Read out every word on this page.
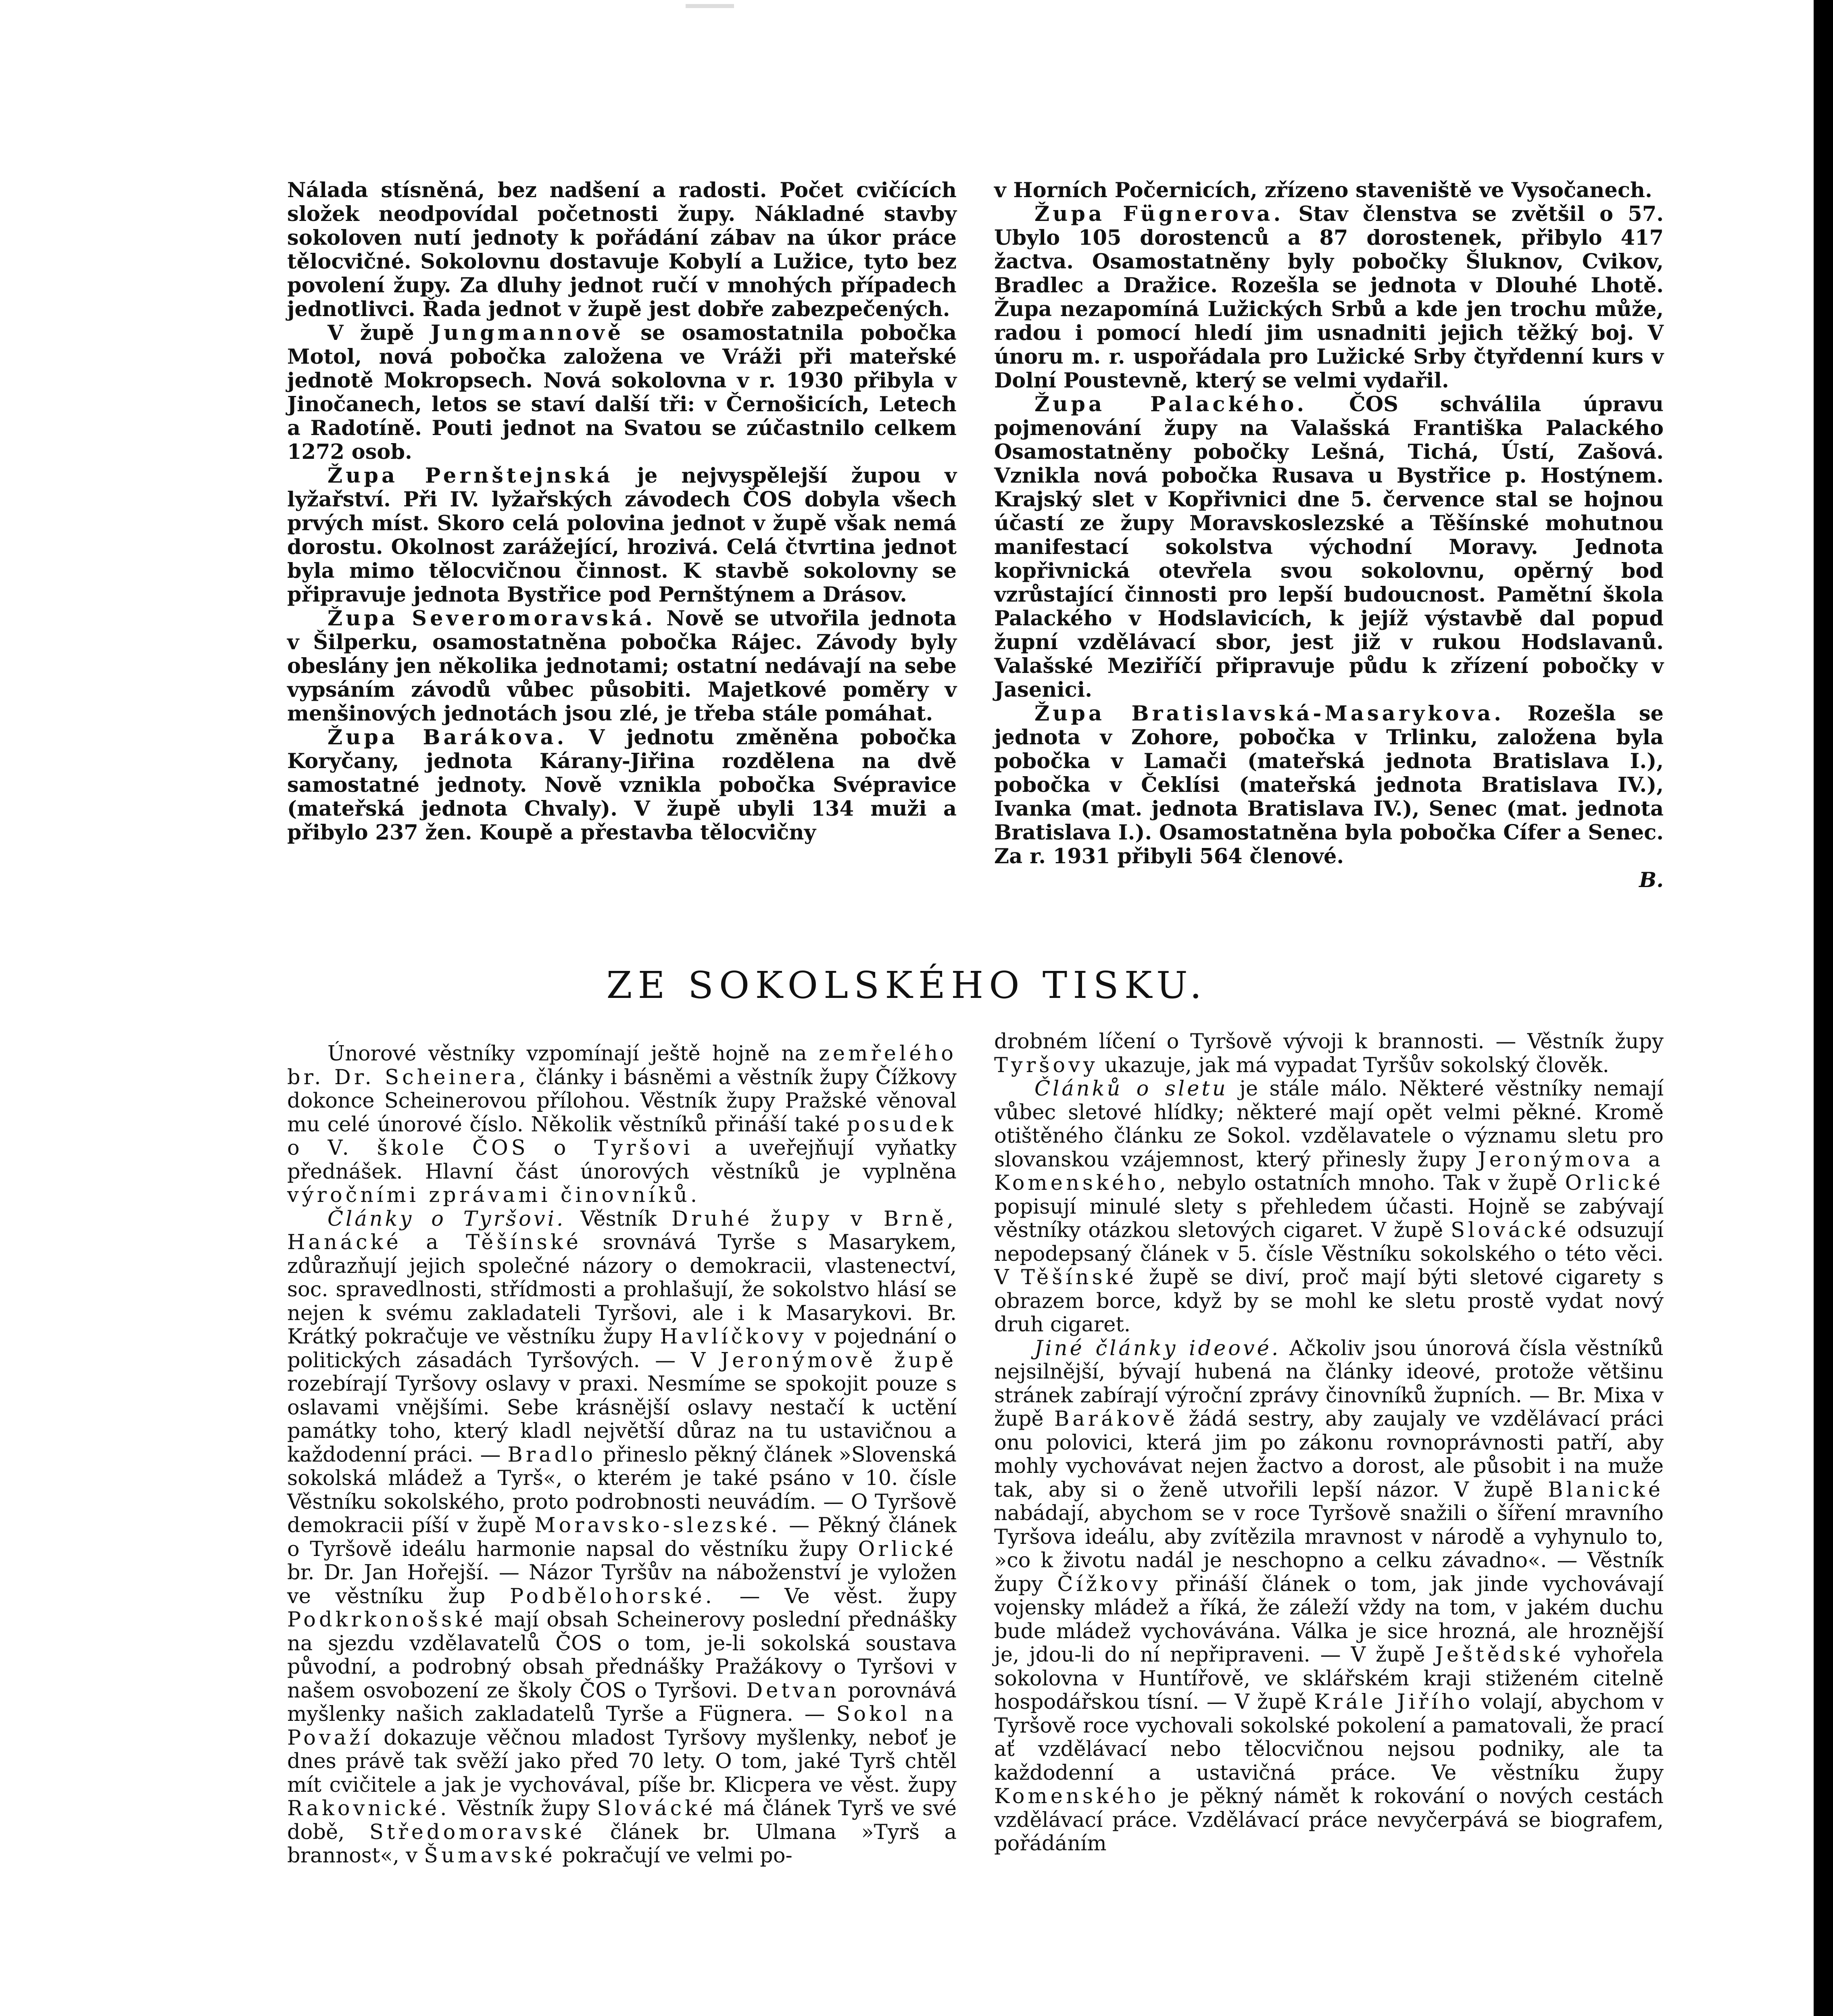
Nálada stísněná, bez nadšení a radosti. Počet cvičících složek neodpovídal početnosti župy. Nákladné stavby sokoloven nutí jednoty k pořádání zábav na úkor práce tělocvičné. Sokolovnu dostavuje Kobylí a Lužice, tyto bez povolení župy. Za dluhy jednot ručí v mnohých případech jednotlivci. Řada jednot v župě jest dobře zabezpečených.

V župě Jungmannově se osamostatnila pobočka Motol, nová pobočka založena ve Vráži při mateřské jednotě Mokropsech. Nová sokolovna v r. 1930 přibyla v Jinočanech, letos se staví další tři: v Černošicích, Letech a Radotíně. Pouti jednot na Svatou se zúčastnilo celkem 1272 osob.

Župa Pernštejnská je nejvyspělejší župou v lyžařství. Při IV. lyžařských závodech ČOS dobyla všech prvých míst. Skoro celá polovina jednot v župě však nemá dorostu. Okolnost zarážející, hrozivá. Celá čtvrtina jednot byla mimo tělocvičnou činnost. K stavbě sokolovny se připravuje jednota Bystřice pod Pernštýnem a Drásov.

Župa Severomoravská. Nově se utvořila jednota v Šilperku, osamostatněna pobočka Rájec. Závody byly obeslány jen několika jednotami; ostatní nedávají na sebe vypsáním závodů vůbec působiti. Majetkové poměry v menšinových jednotách jsou zlé, je třeba stále pomáhat.

Župa Barákova. V jednotu změněna pobočka Koryčany, jednota Kárany-Jiřina rozdělena na dvě samostatné jednoty. Nově vznikla pobočka Svépravice (mateřská jednota Chvaly). V župě ubyli 134 muži a přibylo 237 žen. Koupě a přestavba tělocvičny

v Horních Počernicích, zřízeno staveniště ve Vysočanech.

Župa Fügnerova. Stav členstva se zvětšil o 57. Ubylo 105 dorostenců a 87 dorostenek, přibylo 417 žactva. Osamostatněny byly pobočky Šluknov, Cvikov, Bradlec a Dražice. Rozešla se jednota v Dlouhé Lhotě. Župa nezapomíná Lužických Srbů a kde jen trochu může, radou i pomocí hledí jim usnadniti jejich těžký boj. V únoru m. r. uspořádala pro Lužické Srby čtyřdenní kurs v Dolní Poustevně, který se velmi vydařil.

Župa Palackého. ČOS schválila úpravu pojmenování župy na Valašská Františka Palackého Osamostatněny pobočky Lešná, Tichá, Ústí, Zašová. Vznikla nová pobočka Rusava u Bystřice p. Hostýnem. Krajský slet v Kopřivnici dne 5. července stal se hojnou účastí ze župy Moravskoslezské a Těšínské mohutnou manifestací sokolstva východní Moravy. Jednota kopřivnická otevřela svou sokolovnu, opěrný bod vzrůstající činnosti pro lepší budoucnost. Pamětní škola Palackého v Hodslavicích, k jejíž výstavbě dal popud župní vzdělávací sbor, jest již v rukou Hodslavanů. Valašské Meziříčí připravuje půdu k zřízení pobočky v Jasenici.

Župa Bratislavská-Masarykova. Rozešla se jednota v Zohore, pobočka v Trlinku, založena byla pobočka v Lamači (mateřská jednota Bratislava I.), pobočka v Čeklísi (mateřská jednota Bratislava IV.), Ivanka (mat. jednota Bratislava IV.), Senec (mat. jednota Bratislava I.). Osamostatněna byla pobočka Cífer a Senec. Za r. 1931 přibyli 564 členové.

B.

ZE SOKOLSKÉHO TISKU.

Únorové věstníky vzpomínají ještě hojně na zemřelého br. Dr. Scheinera, články i básněmi a věstník župy Čížkovy dokonce Scheinerovou přílohou. Věstník župy Pražské věnoval mu celé únorové číslo. Několik věstníků přináší také posudek o V. škole ČOS o Tyršovi a uveřejňují vyňatky přednášek. Hlavní část únorových věstníků je vyplněna výročními zprávami činovníků.

Články o Tyršovi. Věstník Druhé župy v Brně, Hanácké a Těšínské srovnává Tyrše s Masarykem, zdůrazňují jejich společné názory o demokracii, vlastenectví, soc. spravedlnosti, střídmosti a prohlašují, že sokolstvo hlásí se nejen k svému zakladateli Tyršovi, ale i k Masarykovi. Br. Krátký pokračuje ve věstníku župy Havlíčkovy v pojednání o politických zásadách Tyršových. — V Jeronýmově župě rozebírají Tyršovy oslavy v praxi. Nesmíme se spokojit pouze s oslavami vnějšími. Sebe krásnější oslavy nestačí k uctění památky toho, který kladl největší důraz na tu ustavičnou a každodenní práci. — Bradlo přineslo pěkný článek »Slovenská sokolská mládež a Tyrš«, o kterém je také psáno v 10. čísle Věstníku sokolského, proto podrobnosti neuvádím. — O Tyršově demokracii píší v župě Moravsko-slezské. — Pěkný článek o Tyršově ideálu harmonie napsal do věstníku župy Orlické br. Dr. Jan Hořejší. — Názor Tyršův na náboženství je vyložen ve věstníku žup Podbělohorské. — Ve věst. župy Podkrkonošské mají obsah Scheinerovy poslední přednášky na sjezdu vzdělavatelů ČOS o tom, je-li sokolská soustava původní, a podrobný obsah přednášky Pražákovy o Tyršovi v našem osvobození ze školy ČOS o Tyršovi. Detvan porovnává myšlenky našich zakladatelů Tyrše a Fügnera. — Sokol na Považí dokazuje věčnou mladost Tyršovy myšlenky, neboť je dnes právě tak svěží jako před 70 lety. O tom, jaké Tyrš chtěl mít cvičitele a jak je vychovával, píše br. Klicpera ve věst. župy Rakovnické. Věstník župy Slovácké má článek Tyrš ve své době, Středomoravské článek br. Ulmana »Tyrš a brannost«, v Šumavské pokračují ve velmi po-

drobném líčení o Tyršově vývoji k brannosti. — Věstník župy Tyršovy ukazuje, jak má vypadat Tyršův sokolský člověk.

Článků o sletu je stále málo. Některé věstníky nemají vůbec sletové hlídky; některé mají opět velmi pěkné. Kromě otištěného článku ze Sokol. vzdělavatele o významu sletu pro slovanskou vzájemnost, který přinesly župy Jeronýmova a Komenského, nebylo ostatních mnoho. Tak v župě Orlické popisují minulé slety s přehledem účasti. Hojně se zabývají věstníky otázkou sletových cigaret. V župě Slovácké odsuzují nepodepsaný článek v 5. čísle Věstníku sokolského o této věci. V Těšínské župě se diví, proč mají býti sletové cigarety s obrazem borce, když by se mohl ke sletu prostě vydat nový druh cigaret.

Jiné články ideové. Ačkoliv jsou únorová čísla věstníků nejsilnější, bývají hubená na články ideové, protože většinu stránek zabírají výroční zprávy činovníků župních. — Br. Mixa v župě Barákově žádá sestry, aby zaujaly ve vzdělávací práci onu polovici, která jim po zákonu rovnoprávnosti patří, aby mohly vychovávat nejen žactvo a dorost, ale působit i na muže tak, aby si o ženě utvořili lepší názor. V župě Blanické nabádají, abychom se v roce Tyršově snažili o šíření mravního Tyršova ideálu, aby zvítězila mravnost v národě a vyhynulo to, »co k životu nadál je neschopno a celku závadno«. — Věstník župy Čížkovy přináší článek o tom, jak jinde vychovávají vojensky mládež a říká, že záleží vždy na tom, v jakém duchu bude mládež vychovávána. Válka je sice hrozná, ale hroznější je, jdou-li do ní nepřipraveni. — V župě Ještědské vyhořela sokolovna v Huntířově, ve sklářském kraji stiženém citelně hospodářskou tísní. — V župě Krále Jiřího volají, abychom v Tyršově roce vychovali sokolské pokolení a pamatovali, že prací ať vzdělávací nebo tělocvičnou nejsou podniky, ale ta každodenní a ustavičná práce. Ve věstníku župy Komenského je pěkný námět k rokování o nových cestách vzdělávací práce. Vzdělávací práce nevyčerpává se biografem, pořádáním
